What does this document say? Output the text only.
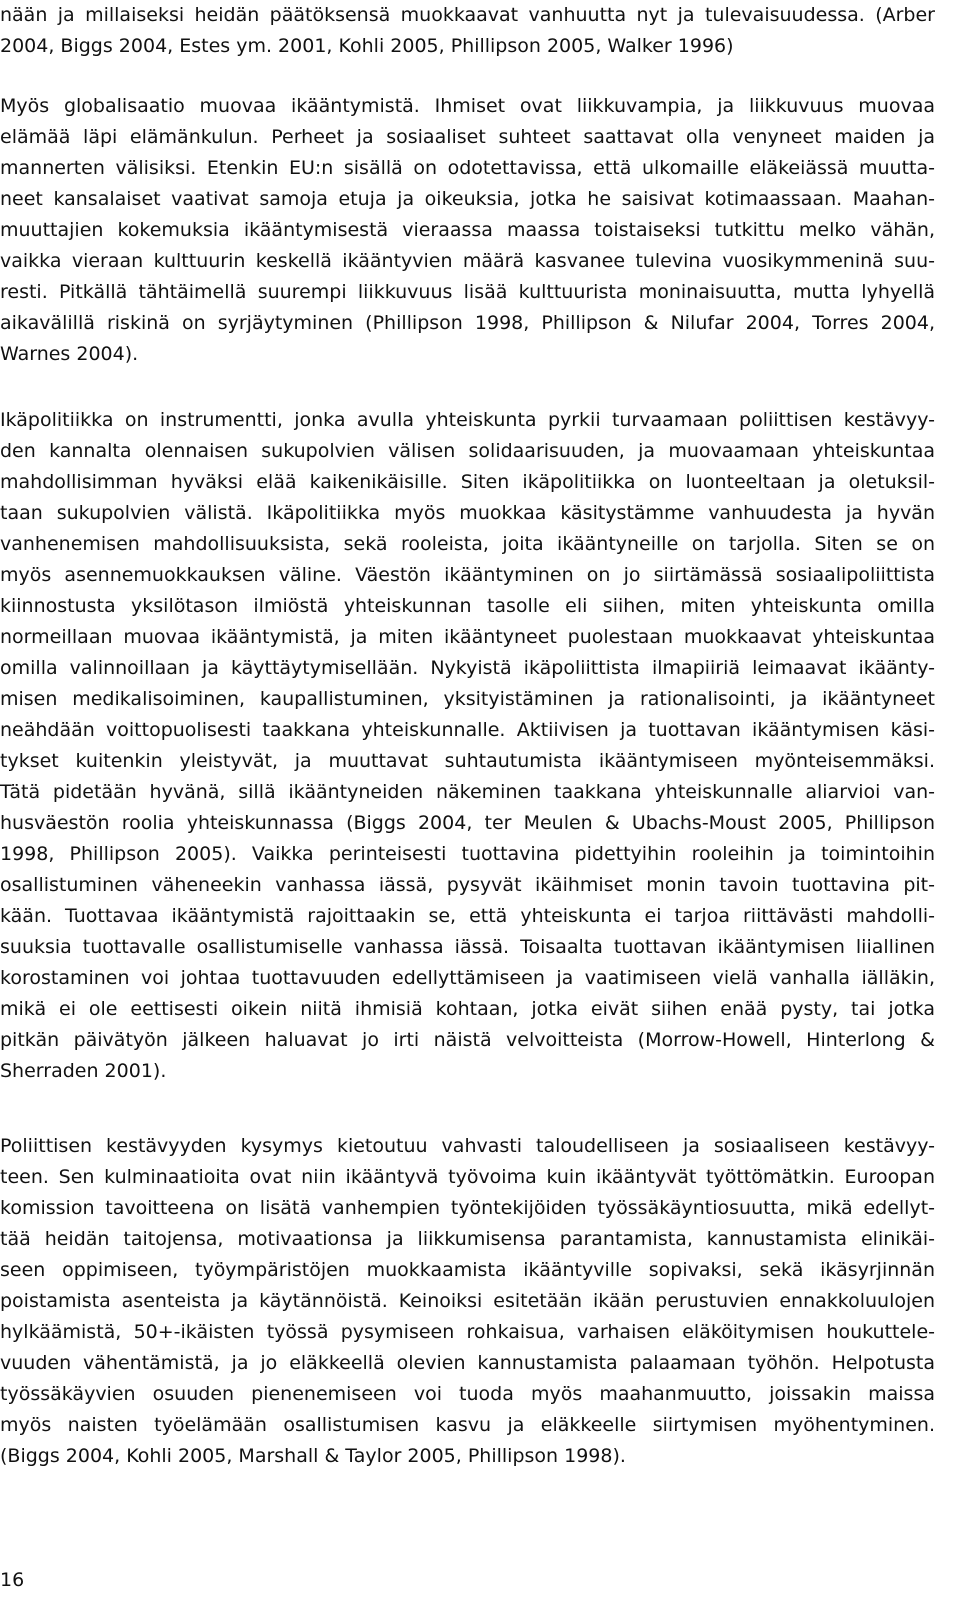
nään ja millaiseksi heidän päätöksensä muokkaavat vanhuutta nyt ja tulevaisuudessa. (Arber
2004, Biggs 2004, Estes ym. 2001, Kohli 2005, Phillipson 2005, Walker 1996)
Myös globalisaatio muovaa ikääntymistä. Ihmiset ovat liikkuvampia, ja liikkuvuus muovaa
elämää läpi elämänkulun. Perheet ja sosiaaliset suhteet saattavat olla venyneet maiden ja
mannerten välisiksi. Etenkin EU:n sisällä on odotettavissa, että ulkomaille eläkeiässä muutta-
neet kansalaiset vaativat samoja etuja ja oikeuksia, jotka he saisivat kotimaassaan. Maahan-
muuttajien kokemuksia ikääntymisestä vieraassa maassa toistaiseksi tutkittu melko vähän,
vaikka vieraan kulttuurin keskellä ikääntyvien määrä kasvanee tulevina vuosikymmeninä suu-
resti. Pitkällä tähtäimellä suurempi liikkuvuus lisää kulttuurista moninaisuutta, mutta lyhyellä
aikavälillä riskinä on syrjäytyminen (Phillipson 1998, Phillipson & Nilufar 2004, Torres 2004,
Warnes 2004).
Ikäpolitiikka on instrumentti, jonka avulla yhteiskunta pyrkii turvaamaan poliittisen kestävyy-
den kannalta olennaisen sukupolvien välisen solidaarisuuden, ja muovaamaan yhteiskuntaa
mahdollisimman hyväksi elää kaikenikäisille. Siten ikäpolitiikka on luonteeltaan ja oletuksil-
taan sukupolvien välistä. Ikäpolitiikka myös muokkaa käsitystämme vanhuudesta ja hyvän
vanhenemisen mahdollisuuksista, sekä rooleista, joita ikääntyneille on tarjolla. Siten se on
myös asennemuokkauksen väline. Väestön ikääntyminen on jo siirtämässä sosiaalipoliittista
kiinnostusta yksilötason ilmiöstä yhteiskunnan tasolle eli siihen, miten yhteiskunta omilla
normeillaan muovaa ikääntymistä, ja miten ikääntyneet puolestaan muokkaavat yhteiskuntaa
omilla valinnoillaan ja käyttäytymisellään. Nykyistä ikäpoliittista ilmapiiriä leimaavat ikäänty-
misen medikalisoiminen, kaupallistuminen, yksityistäminen ja rationalisointi, ja ikääntyneet
neähdään voittopuolisesti taakkana yhteiskunnalle. Aktiivisen ja tuottavan ikääntymisen käsi-
tykset kuitenkin yleistyvät, ja muuttavat suhtautumista ikääntymiseen myönteisemmäksi.
Tätä pidetään hyvänä, sillä ikääntyneiden näkeminen taakkana yhteiskunnalle aliarvioi van-
husväestön roolia yhteiskunnassa (Biggs 2004, ter Meulen & Ubachs-Moust 2005, Phillipson
1998, Phillipson 2005). Vaikka perinteisesti tuottavina pidettyihin rooleihin ja toimintoihin
osallistuminen väheneekin vanhassa iässä, pysyvät ikäihmiset monin tavoin tuottavina pit-
kään. Tuottavaa ikääntymistä rajoittaakin se, että yhteiskunta ei tarjoa riittävästi mahdolli-
suuksia tuottavalle osallistumiselle vanhassa iässä. Toisaalta tuottavan ikääntymisen liiallinen
korostaminen voi johtaa tuottavuuden edellyttämiseen ja vaatimiseen vielä vanhalla iälläkin,
mikä ei ole eettisesti oikein niitä ihmisiä kohtaan, jotka eivät siihen enää pysty, tai jotka
pitkän päivätyön jälkeen haluavat jo irti näistä velvoitteista (Morrow-Howell, Hinterlong &
Sherraden 2001).
Poliittisen kestävyyden kysymys kietoutuu vahvasti taloudelliseen ja sosiaaliseen kestävyy-
teen. Sen kulminaatioita ovat niin ikääntyvä työvoima kuin ikääntyvät työttömätkin. Euroopan
komission tavoitteena on lisätä vanhempien työntekijöiden työssäkäyntiosuutta, mikä edellyt-
tää heidän taitojensa, motivaationsa ja liikkumisensa parantamista, kannustamista elinikäi-
seen oppimiseen, työympäristöjen muokkaamista ikääntyville sopivaksi, sekä ikäsyrjinnän
poistamista asenteista ja käytännöistä. Keinoiksi esitetään ikään perustuvien ennakkoluulojen
hylkäämistä, 50+-ikäisten työssä pysymiseen rohkaisua, varhaisen eläköitymisen houkuttele-
vuuden vähentämistä, ja jo eläkkeellä olevien kannustamista palaamaan työhön. Helpotusta
työssäkäyvien osuuden pienenemiseen voi tuoda myös maahanmuutto, joissakin maissa
myös naisten työelämään osallistumisen kasvu ja eläkkeelle siirtymisen myöhentyminen.
(Biggs 2004, Kohli 2005, Marshall & Taylor 2005, Phillipson 1998).
16
